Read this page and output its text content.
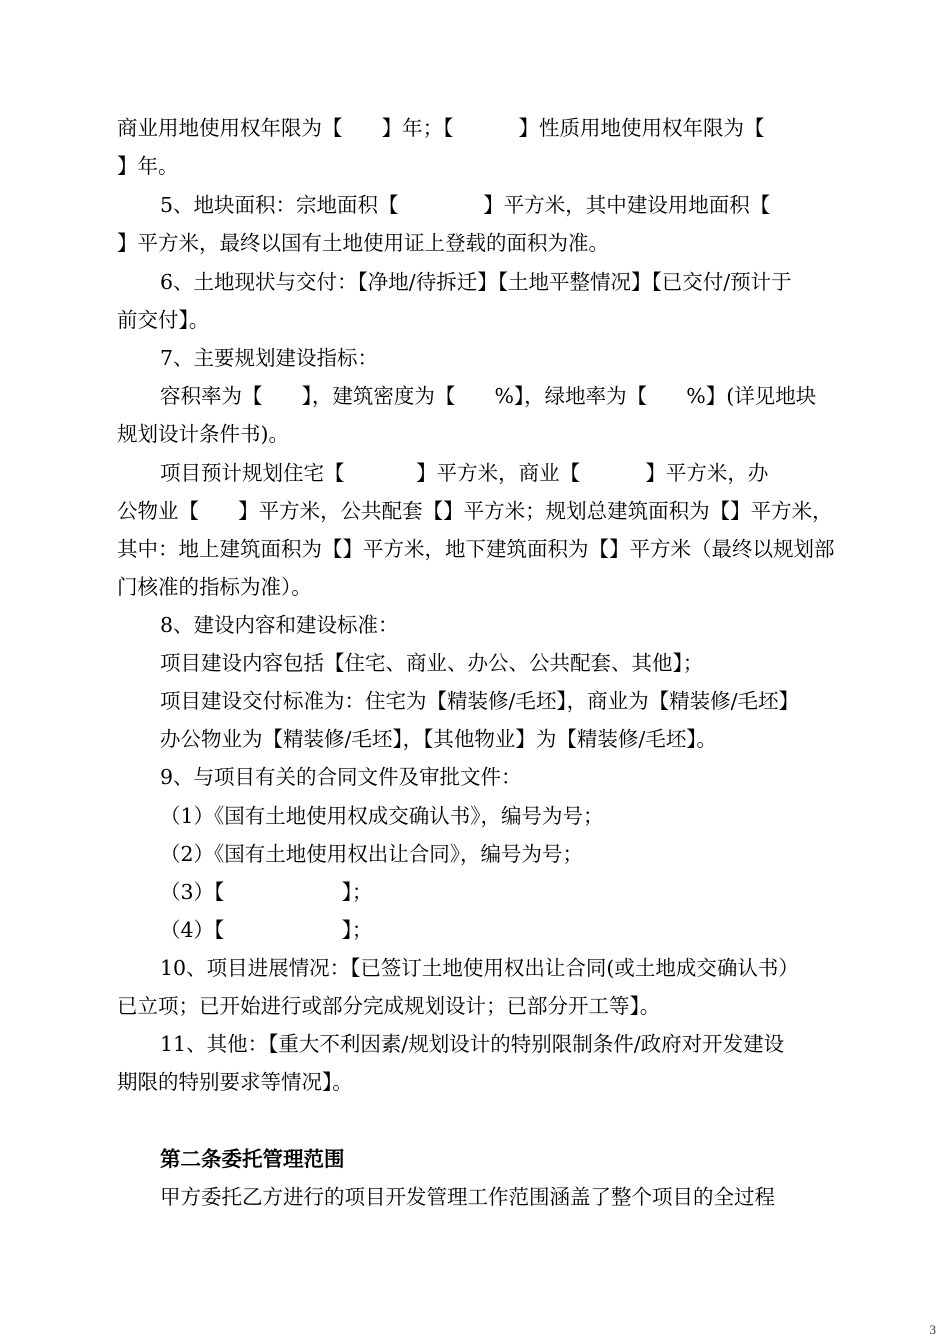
商业用地使用权年限为【      】年；【          】性质用地使用权年限为【
】年。
5、地块面积：宗地面积【             】平方米，其中建设用地面积【
】平方米，最终以国有土地使用证上登载的面积为准。
6、土地现状与交付：【净地/待拆迁】【土地平整情况】【已交付/预计于
前交付】。
7、主要规划建设指标：
容积率为【      】，建筑密度为【      %】，绿地率为【      %】(详见地块
规划设计条件书)。
项目预计规划住宅【           】平方米，商业【          】平方米，办
公物业【      】平方米，公共配套【】平方米；规划总建筑面积为【】平方米，
其中：地上建筑面积为【】平方米，地下建筑面积为【】平方米（最终以规划部
门核准的指标为准）。
8、建设内容和建设标准：
项目建设内容包括【住宅、商业、办公、公共配套、其他】；
项目建设交付标准为：住宅为【精装修/毛坯】，商业为【精装修/毛坯】
办公物业为【精装修/毛坯】，【其他物业】为【精装修/毛坯】。
9、与项目有关的合同文件及审批文件：
（1）《国有土地使用权成交确认书》，编号为号；
（2）《国有土地使用权出让合同》，编号为号；
（3）【                  】；
（4）【                  】；
10、项目进展情况：【已签订土地使用权出让合同(或土地成交确认书）
已立项；已开始进行或部分完成规划设计；已部分开工等】。
11、其他：【重大不利因素/规划设计的特别限制条件/政府对开发建设
期限的特别要求等情况】。
第二条委托管理范围
甲方委托乙方进行的项目开发管理工作范围涵盖了整个项目的全过程
3
